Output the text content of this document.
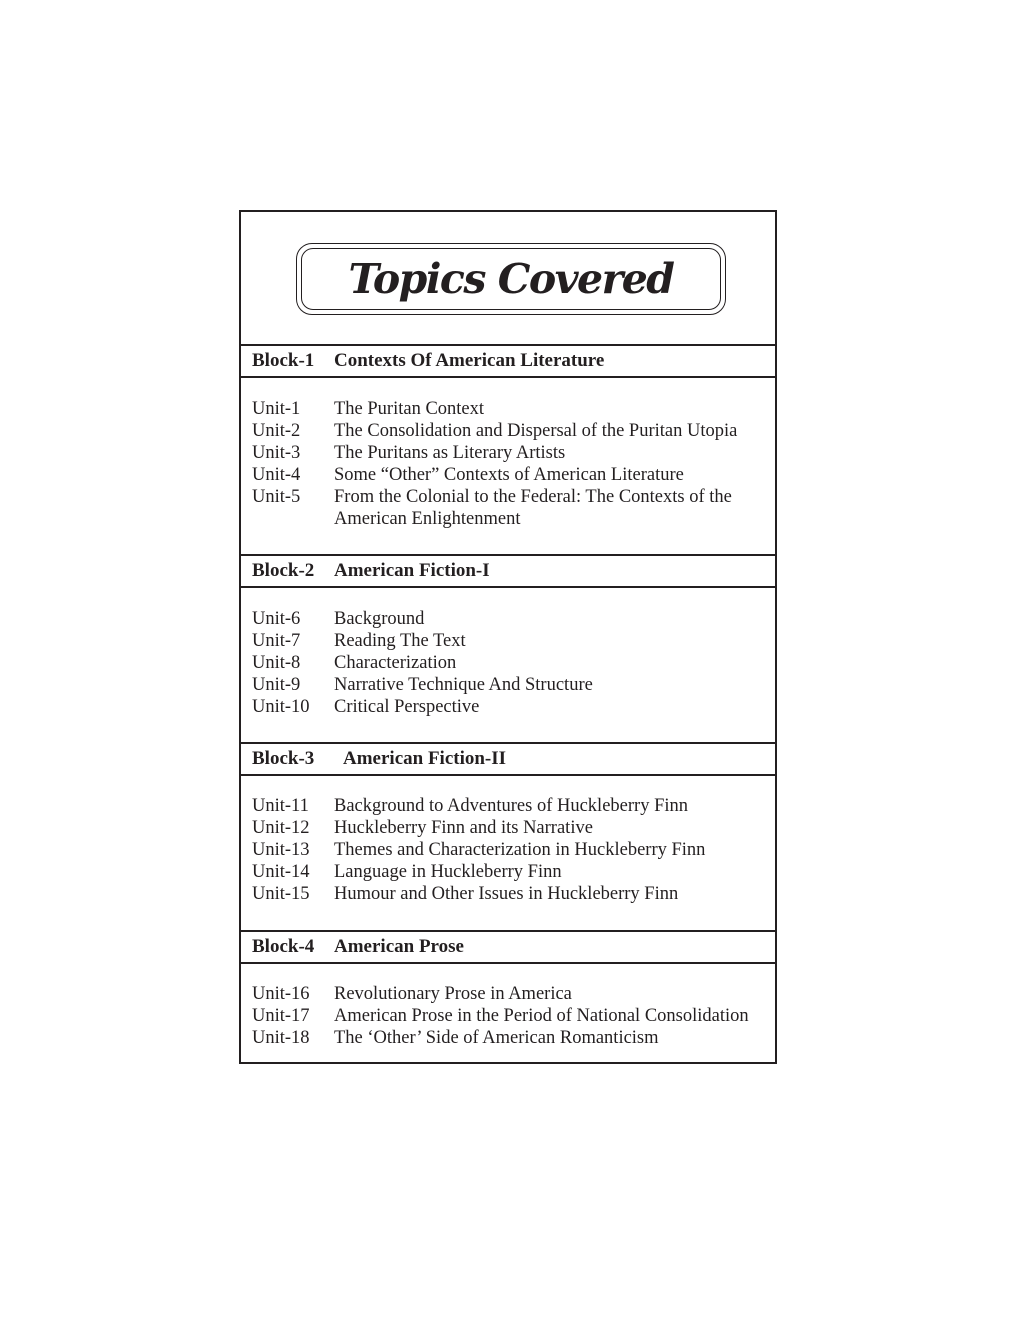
Topics Covered
Block-1 Contexts Of American Literature
Unit-1 The Puritan Context
Unit-2 The Consolidation and Dispersal of the Puritan Utopia
Unit-3 The Puritans as Literary Artists
Unit-4 Some “Other” Contexts of American Literature
Unit-5 From the Colonial to the Federal: The Contexts of the
American Enlightenment
Block-2 American Fiction-I
Unit-6 Background
Unit-7 Reading The Text
Unit-8 Characterization
Unit-9 Narrative Technique And Structure
Unit-10 Critical Perspective
Block-3 American Fiction-II
Unit-11 Background to Adventures of Huckleberry Finn
Unit-12 Huckleberry Finn and its Narrative
Unit-13 Themes and Characterization in Huckleberry Finn
Unit-14 Language in Huckleberry Finn
Unit-15 Humour and Other Issues in Huckleberry Finn
Block-4 American Prose
Unit-16 Revolutionary Prose in America
Unit-17 American Prose in the Period of National Consolidation
Unit-18 The ‘Other’ Side of American Romanticism
